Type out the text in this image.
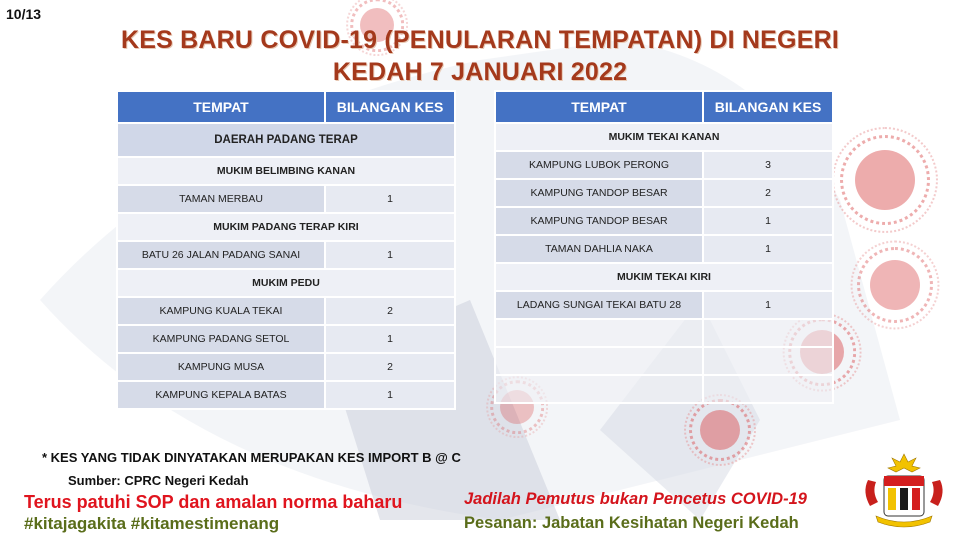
10/13
KES BARU COVID-19 (PENULARAN TEMPATAN) DI NEGERI
KEDAH 7 JANUARI 2022
TEMPAT	BILANGAN KES
DAERAH PADANG TERAP	
MUKIM BELIMBING KANAN	
TAMAN MERBAU	1
MUKIM PADANG TERAP KIRI	
BATU 26 JALAN PADANG SANAI	1
MUKIM PEDU	
KAMPUNG KUALA TEKAI	2
KAMPUNG PADANG SETOL	1
KAMPUNG MUSA	2
KAMPUNG KEPALA BATAS	1
TEMPAT	BILANGAN KES
MUKIM TEKAI KANAN	
KAMPUNG LUBOK PERONG	3
KAMPUNG TANDOP BESAR	2
KAMPUNG TANDOP BESAR	1
TAMAN DAHLIA NAKA	1
MUKIM TEKAI KIRI	
LADANG SUNGAI TEKAI BATU 28	1

* KES YANG TIDAK DINYATAKAN MERUPAKAN KES IMPORT B @ C
Sumber: CPRC Negeri Kedah
Terus patuhi SOP dan amalan norma baharu
#kitajagakita #kitamestimenang
Jadilah Pemutus bukan Pencetus COVID-19
Pesanan: Jabatan Kesihatan Negeri Kedah
